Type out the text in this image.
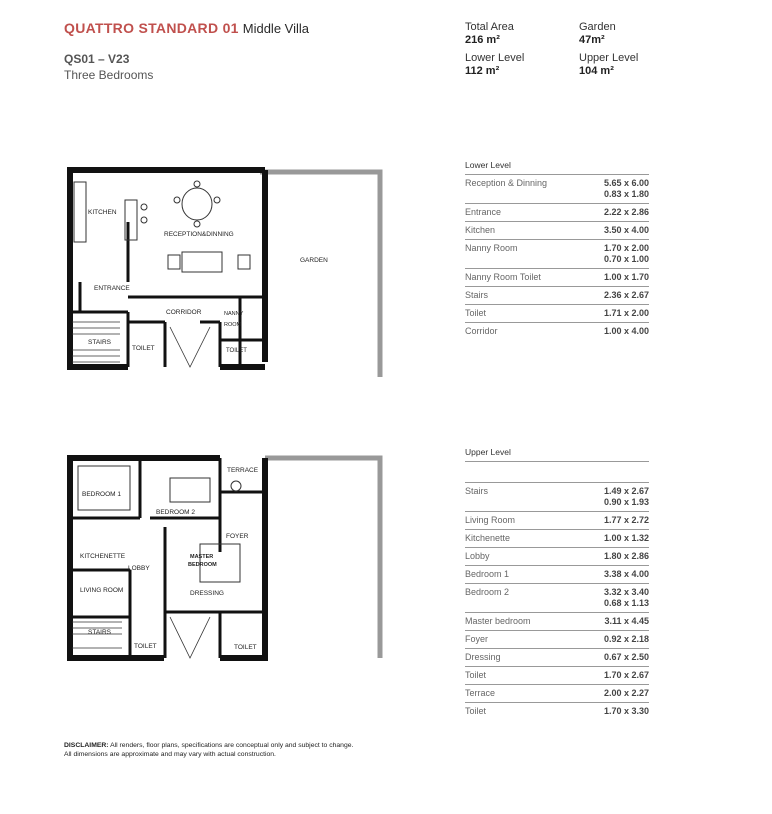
QUATTRO STANDARD 01 Middle Villa
QS01 – V23
Three Bedrooms
Total Area
216 m²
Garden
47m²
Lower Level
112 m²
Upper Level
104 m²
Lower Level
Reception & Dinning	5.65 x 6.00
0.83 x 1.80
Entrance	2.22 x 2.86
Kitchen	3.50 x 4.00
Nanny Room	1.70 x 2.00
0.70 x 1.00
Nanny Room Toilet	1.00 x 1.70
Stairs	2.36 x 2.67
Toilet	1.71 x 2.00
Corridor	1.00 x 4.00
Upper Level
Stairs	1.49 x 2.67
0.90 x 1.93
Living Room	1.77 x 2.72
Kitchenette	1.00 x 1.32
Lobby	1.80 x 2.86
Bedroom 1	3.38 x 4.00
Bedroom 2	3.32 x 3.40
0.68 x 1.13
Master bedroom	3.11 x 4.45
Foyer	0.92 x 2.18
Dressing	0.67 x 2.50
Toilet	1.70 x 2.67
Terrace	2.00 x 2.27
Toilet	1.70 x 3.30
KITCHEN
RECEPTION&DINNING
GARDEN
ENTRANCE
CORRIDOR	NANNY
ROOM
STAIRS
TOILET	TOILET
TERRACE
BEDROOM 1
BEDROOM 2
FOYER
KITCHENETTE	MASTER
BEDROOM
LOBBY
LIVING ROOM	DRESSING
STAIRS
TOILET	TOILET
DISCLAIMER: All renders, floor plans, specifications are conceptual only and subject to change. All dimensions are approximate and may vary with actual construction.
